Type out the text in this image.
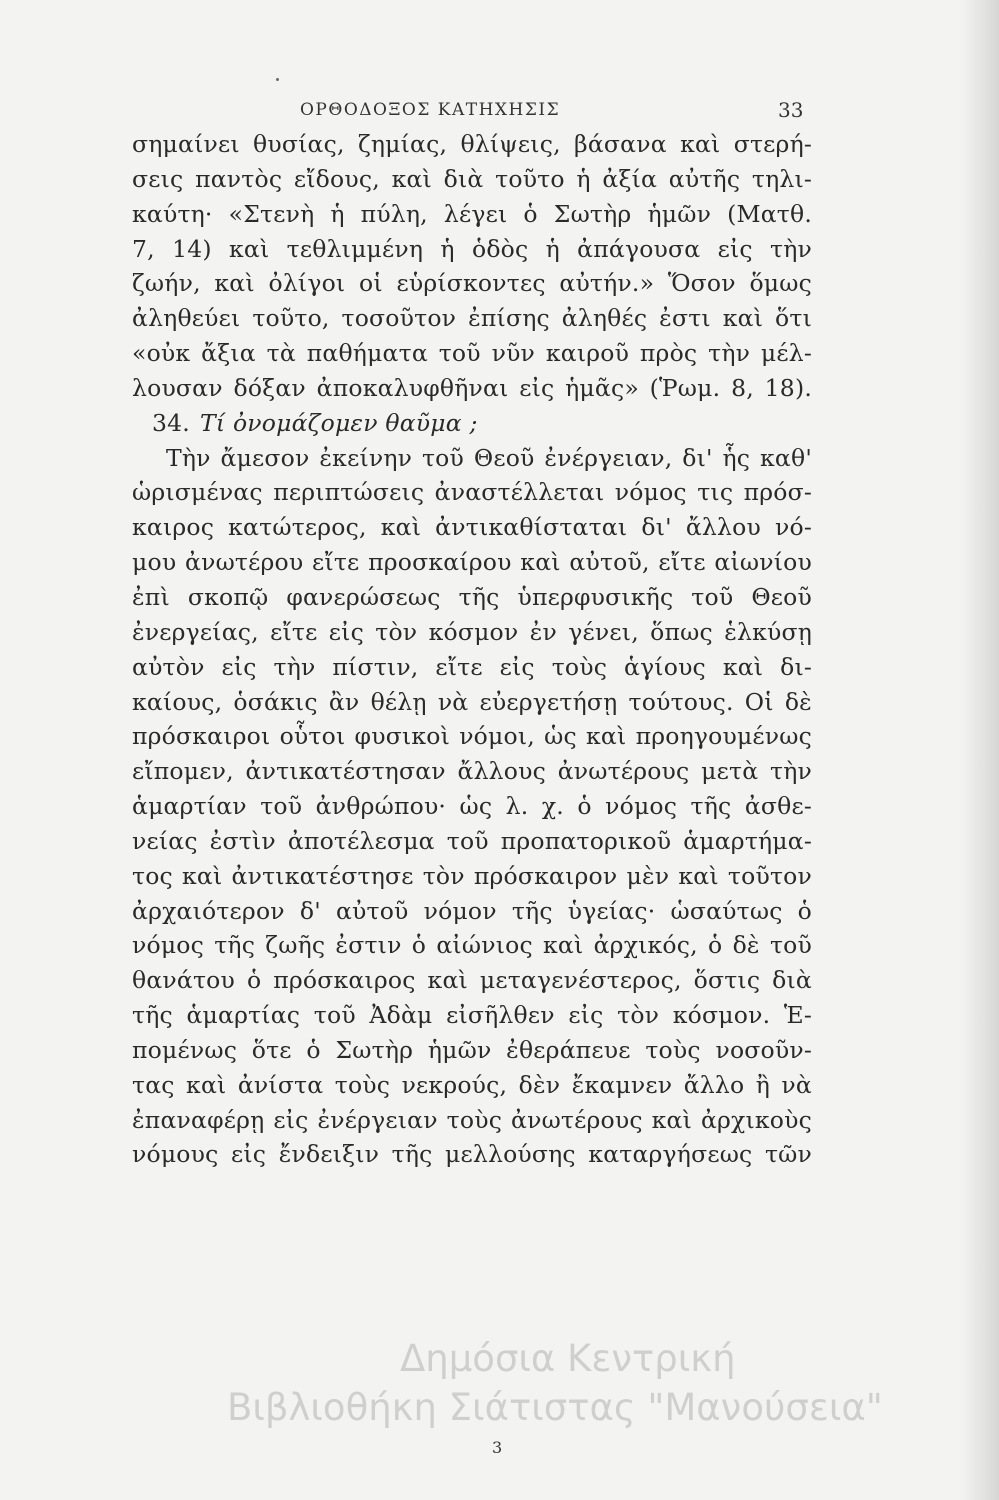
ΟΡΘΟΔΟΞΟΣ ΚΑΤΗΧΗΣΙΣ	33
σημαίνει θυσίας, ζημίας, θλίψεις, βάσανα καὶ στερή-
σεις παντὸς εἴδους, καὶ διὰ τοῦτο ἡ ἀξία αὐτῆς τηλι-
καύτη· «Στενὴ ἡ πύλη, λέγει ὁ Σωτὴρ ἡμῶν (Ματθ.
7, 14) καὶ τεθλιμμένη ἡ ὁδὸς ἡ ἀπάγουσα εἰς τὴν
ζωήν, καὶ ὀλίγοι οἱ εὑρίσκοντες αὐτήν.» Ὅσον ὅμως
ἀληθεύει τοῦτο, τοσοῦτον ἐπίσης ἀληθές ἐστι καὶ ὅτι
«οὐκ ἄξια τὰ παθήματα τοῦ νῦν καιροῦ πρὸς τὴν μέλ-
λουσαν δόξαν ἀποκαλυφθῆναι εἰς ἡμᾶς» (Ῥωμ. 8, 18).
34. Τί ὀνομάζομεν θαῦμα ;
Τὴν ἄμεσον ἐκείνην τοῦ Θεοῦ ἐνέργειαν, δι' ἧς καθ'
ὡρισμένας περιπτώσεις ἀναστέλλεται νόμος τις πρόσ-
καιρος κατώτερος, καὶ ἀντικαθίσταται δι' ἄλλου νό-
μου ἀνωτέρου εἴτε προσκαίρου καὶ αὐτοῦ, εἴτε αἰωνίου
ἐπὶ σκοπῷ φανερώσεως τῆς ὑπερφυσικῆς τοῦ Θεοῦ
ἐνεργείας, εἴτε εἰς τὸν κόσμον ἐν γένει, ὅπως ἑλκύσῃ
αὐτὸν εἰς τὴν πίστιν, εἴτε εἰς τοὺς ἁγίους καὶ δι-
καίους, ὁσάκις ἂν θέλῃ νὰ εὐεργετήσῃ τούτους. Οἱ δὲ
πρόσκαιροι οὗτοι φυσικοὶ νόμοι, ὡς καὶ προηγουμένως
εἴπομεν, ἀντικατέστησαν ἄλλους ἀνωτέρους μετὰ τὴν
ἁμαρτίαν τοῦ ἀνθρώπου· ὡς λ. χ. ὁ νόμος τῆς ἀσθε-
νείας ἐστὶν ἀποτέλεσμα τοῦ προπατορικοῦ ἁμαρτήμα-
τος καὶ ἀντικατέστησε τὸν πρόσκαιρον μὲν καὶ τοῦτον
ἀρχαιότερον δ' αὐτοῦ νόμον τῆς ὑγείας· ὡσαύτως ὁ
νόμος τῆς ζωῆς ἐστιν ὁ αἰώνιος καὶ ἀρχικός, ὁ δὲ τοῦ
θανάτου ὁ πρόσκαιρος καὶ μεταγενέστερος, ὅστις διὰ
τῆς ἁμαρτίας τοῦ Ἀδὰμ εἰσῆλθεν εἰς τὸν κόσμον. Ἑ-
πομένως ὅτε ὁ Σωτὴρ ἡμῶν ἐθεράπευε τοὺς νοσοῦν-
τας καὶ ἀνίστα τοὺς νεκρούς, δὲν ἔκαμνεν ἄλλο ἢ νὰ
ἐπαναφέρῃ εἰς ἐνέργειαν τοὺς ἀνωτέρους καὶ ἀρχικοὺς
νόμους εἰς ἔνδειξιν τῆς μελλούσης καταργήσεως τῶν
3
Δημόσια Κεντρική
Βιβλιοθήκη Σιάτιστας "Μανούσεια"
